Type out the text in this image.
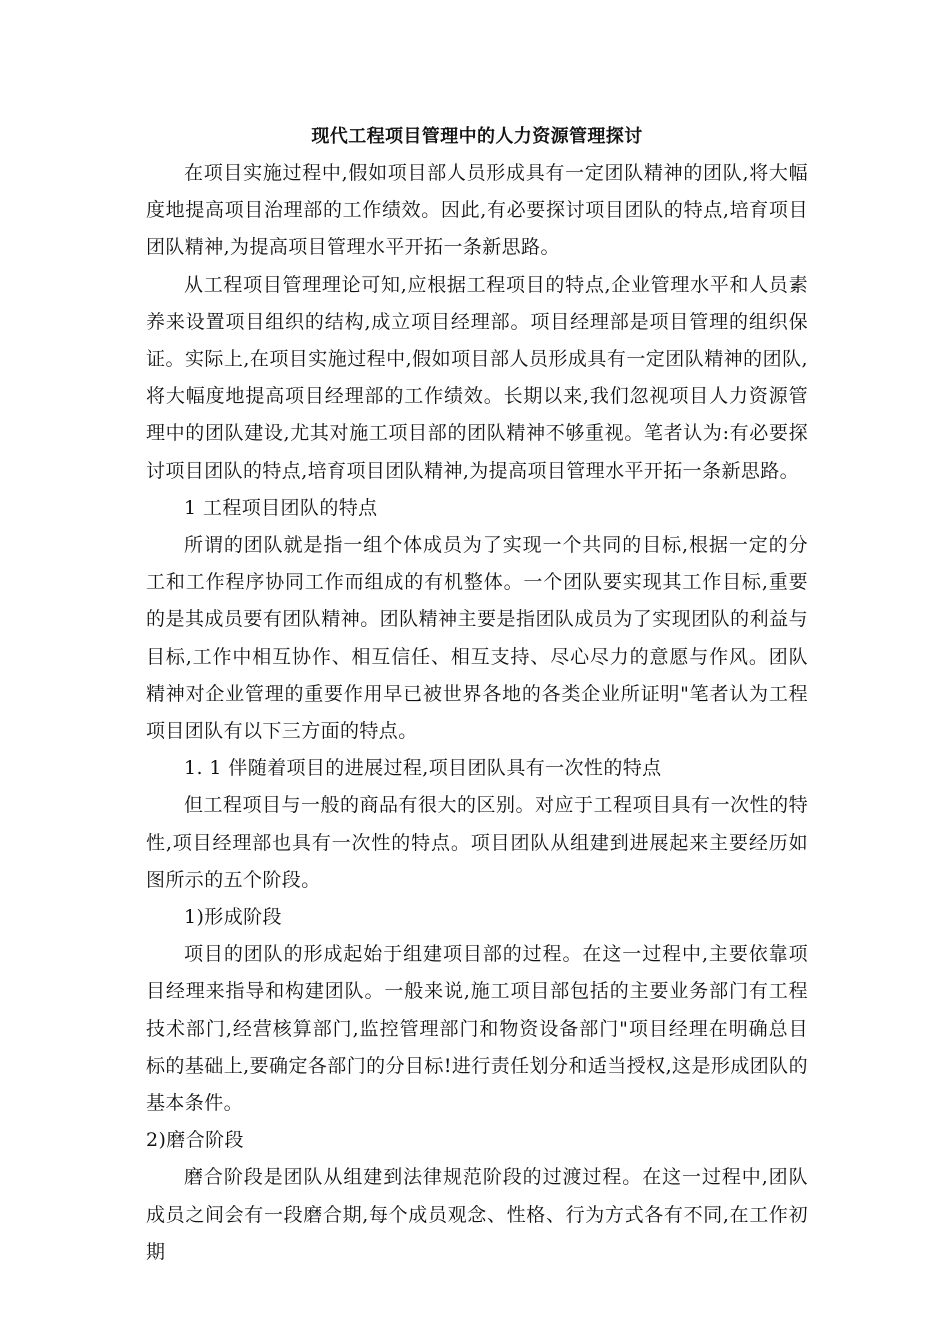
现代工程项目管理中的人力资源管理探讨

在项目实施过程中,假如项目部人员形成具有一定团队精神的团队,将大幅度地提高项目治理部的工作绩效。因此,有必要探讨项目团队的特点,培育项目团队精神,为提高项目管理水平开拓一条新思路。

从工程项目管理理论可知,应根据工程项目的特点,企业管理水平和人员素养来设置项目组织的结构,成立项目经理部。项目经理部是项目管理的组织保证。实际上,在项目实施过程中,假如项目部人员形成具有一定团队精神的团队,将大幅度地提高项目经理部的工作绩效。长期以来,我们忽视项目人力资源管理中的团队建设,尤其对施工项目部的团队精神不够重视。笔者认为:有必要探讨项目团队的特点,培育项目团队精神,为提高项目管理水平开拓一条新思路。

1 工程项目团队的特点

所谓的团队就是指一组个体成员为了实现一个共同的目标,根据一定的分工和工作程序协同工作而组成的有机整体。一个团队要实现其工作目标,重要的是其成员要有团队精神。团队精神主要是指团队成员为了实现团队的利益与目标,工作中相互协作、相互信任、相互支持、尽心尽力的意愿与作风。团队精神对企业管理的重要作用早已被世界各地的各类企业所证明"笔者认为工程项目团队有以下三方面的特点。

1. 1 伴随着项目的进展过程,项目团队具有一次性的特点

但工程项目与一般的商品有很大的区别。对应于工程项目具有一次性的特性,项目经理部也具有一次性的特点。项目团队从组建到进展起来主要经历如图所示的五个阶段。

1)形成阶段

项目的团队的形成起始于组建项目部的过程。在这一过程中,主要依靠项目经理来指导和构建团队。一般来说,施工项目部包括的主要业务部门有工程技术部门,经营核算部门,监控管理部门和物资设备部门"项目经理在明确总目标的基础上,要确定各部门的分目标!进行责任划分和适当授权,这是形成团队的基本条件。

2)磨合阶段

磨合阶段是团队从组建到法律规范阶段的过渡过程。在这一过程中,团队成员之间会有一段磨合期,每个成员观念、性格、行为方式各有不同,在工作初期
